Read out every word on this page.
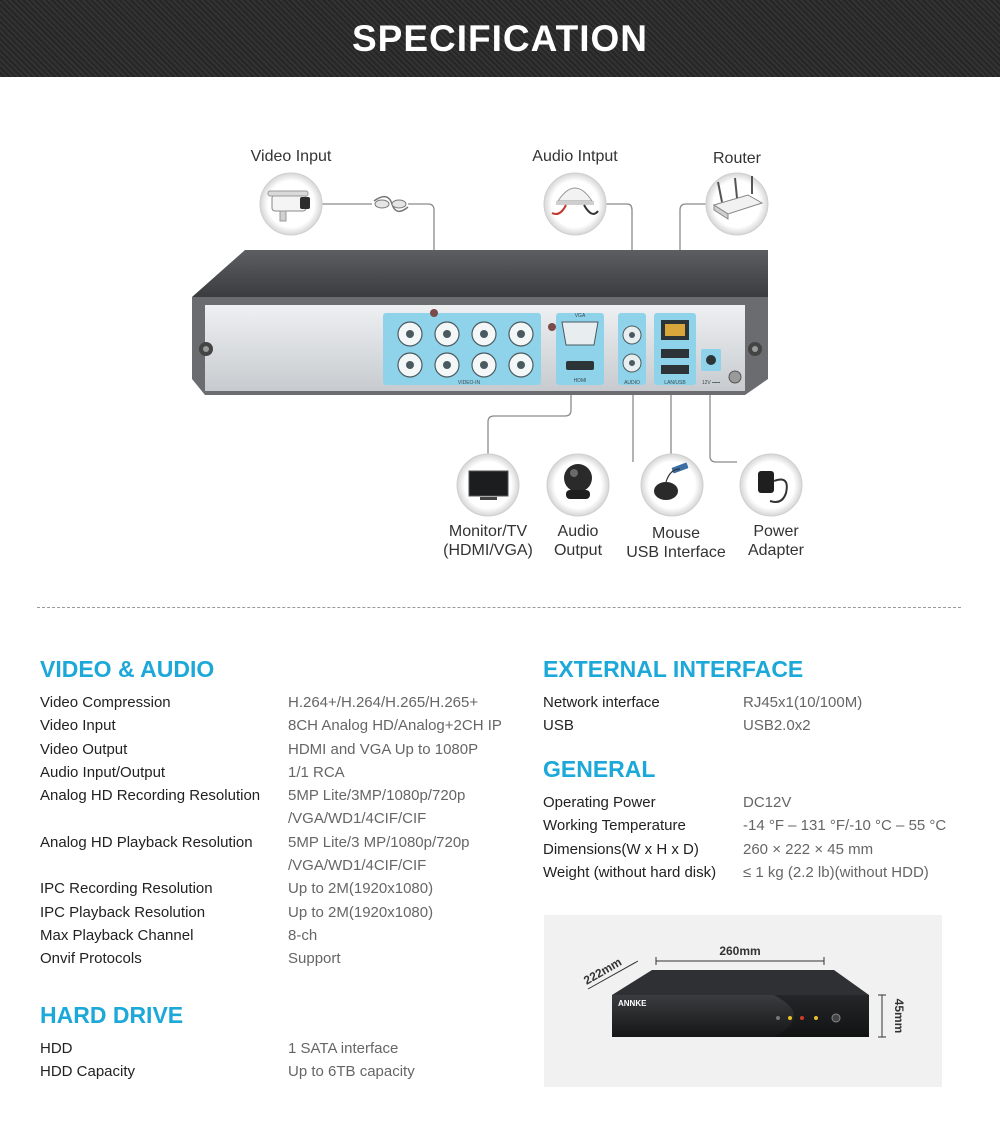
SPECIFICATION
VIDEO-IN
VGA
HDMI	AUDIO	LAN/USB	12V ⎓⎓
Video Input	Audio Intput	Router
Monitor/TV
(HDMI/VGA)
Audio
Output
Mouse
USB Interface
Power
Adapter
VIDEO & AUDIO
Video Compression	H.264+/H.264/H.265/H.265+
Video Input	8CH Analog HD/Analog+2CH IP
Video Output	HDMI and VGA Up to 1080P
Audio Input/Output	1/1 RCA
Analog HD Recording Resolution	5MP Lite/3MP/1080p/720p
/VGA/WD1/4CIF/CIF
Analog HD Playback Resolution	5MP Lite/3 MP/1080p/720p
/VGA/WD1/4CIF/CIF
IPC Recording Resolution	Up to 2M(1920x1080)
IPC Playback Resolution	Up to 2M(1920x1080)
Max Playback Channel	8-ch
Onvif Protocols	Support
HARD DRIVE
HDD	1 SATA interface
HDD Capacity	Up to 6TB capacity
EXTERNAL INTERFACE
Network interface	RJ45x1(10/100M)
USB	USB2.0x2
GENERAL
Operating Power	DC12V
Working Temperature	-14 °F – 131 °F/-10 °C – 55 °C
Dimensions(W x H x D)	260 × 222 × 45 mm
Weight (without hard disk)	≤ 1 kg (2.2 lb)(without HDD)
ANNKE
260mm
222mm
45mm
